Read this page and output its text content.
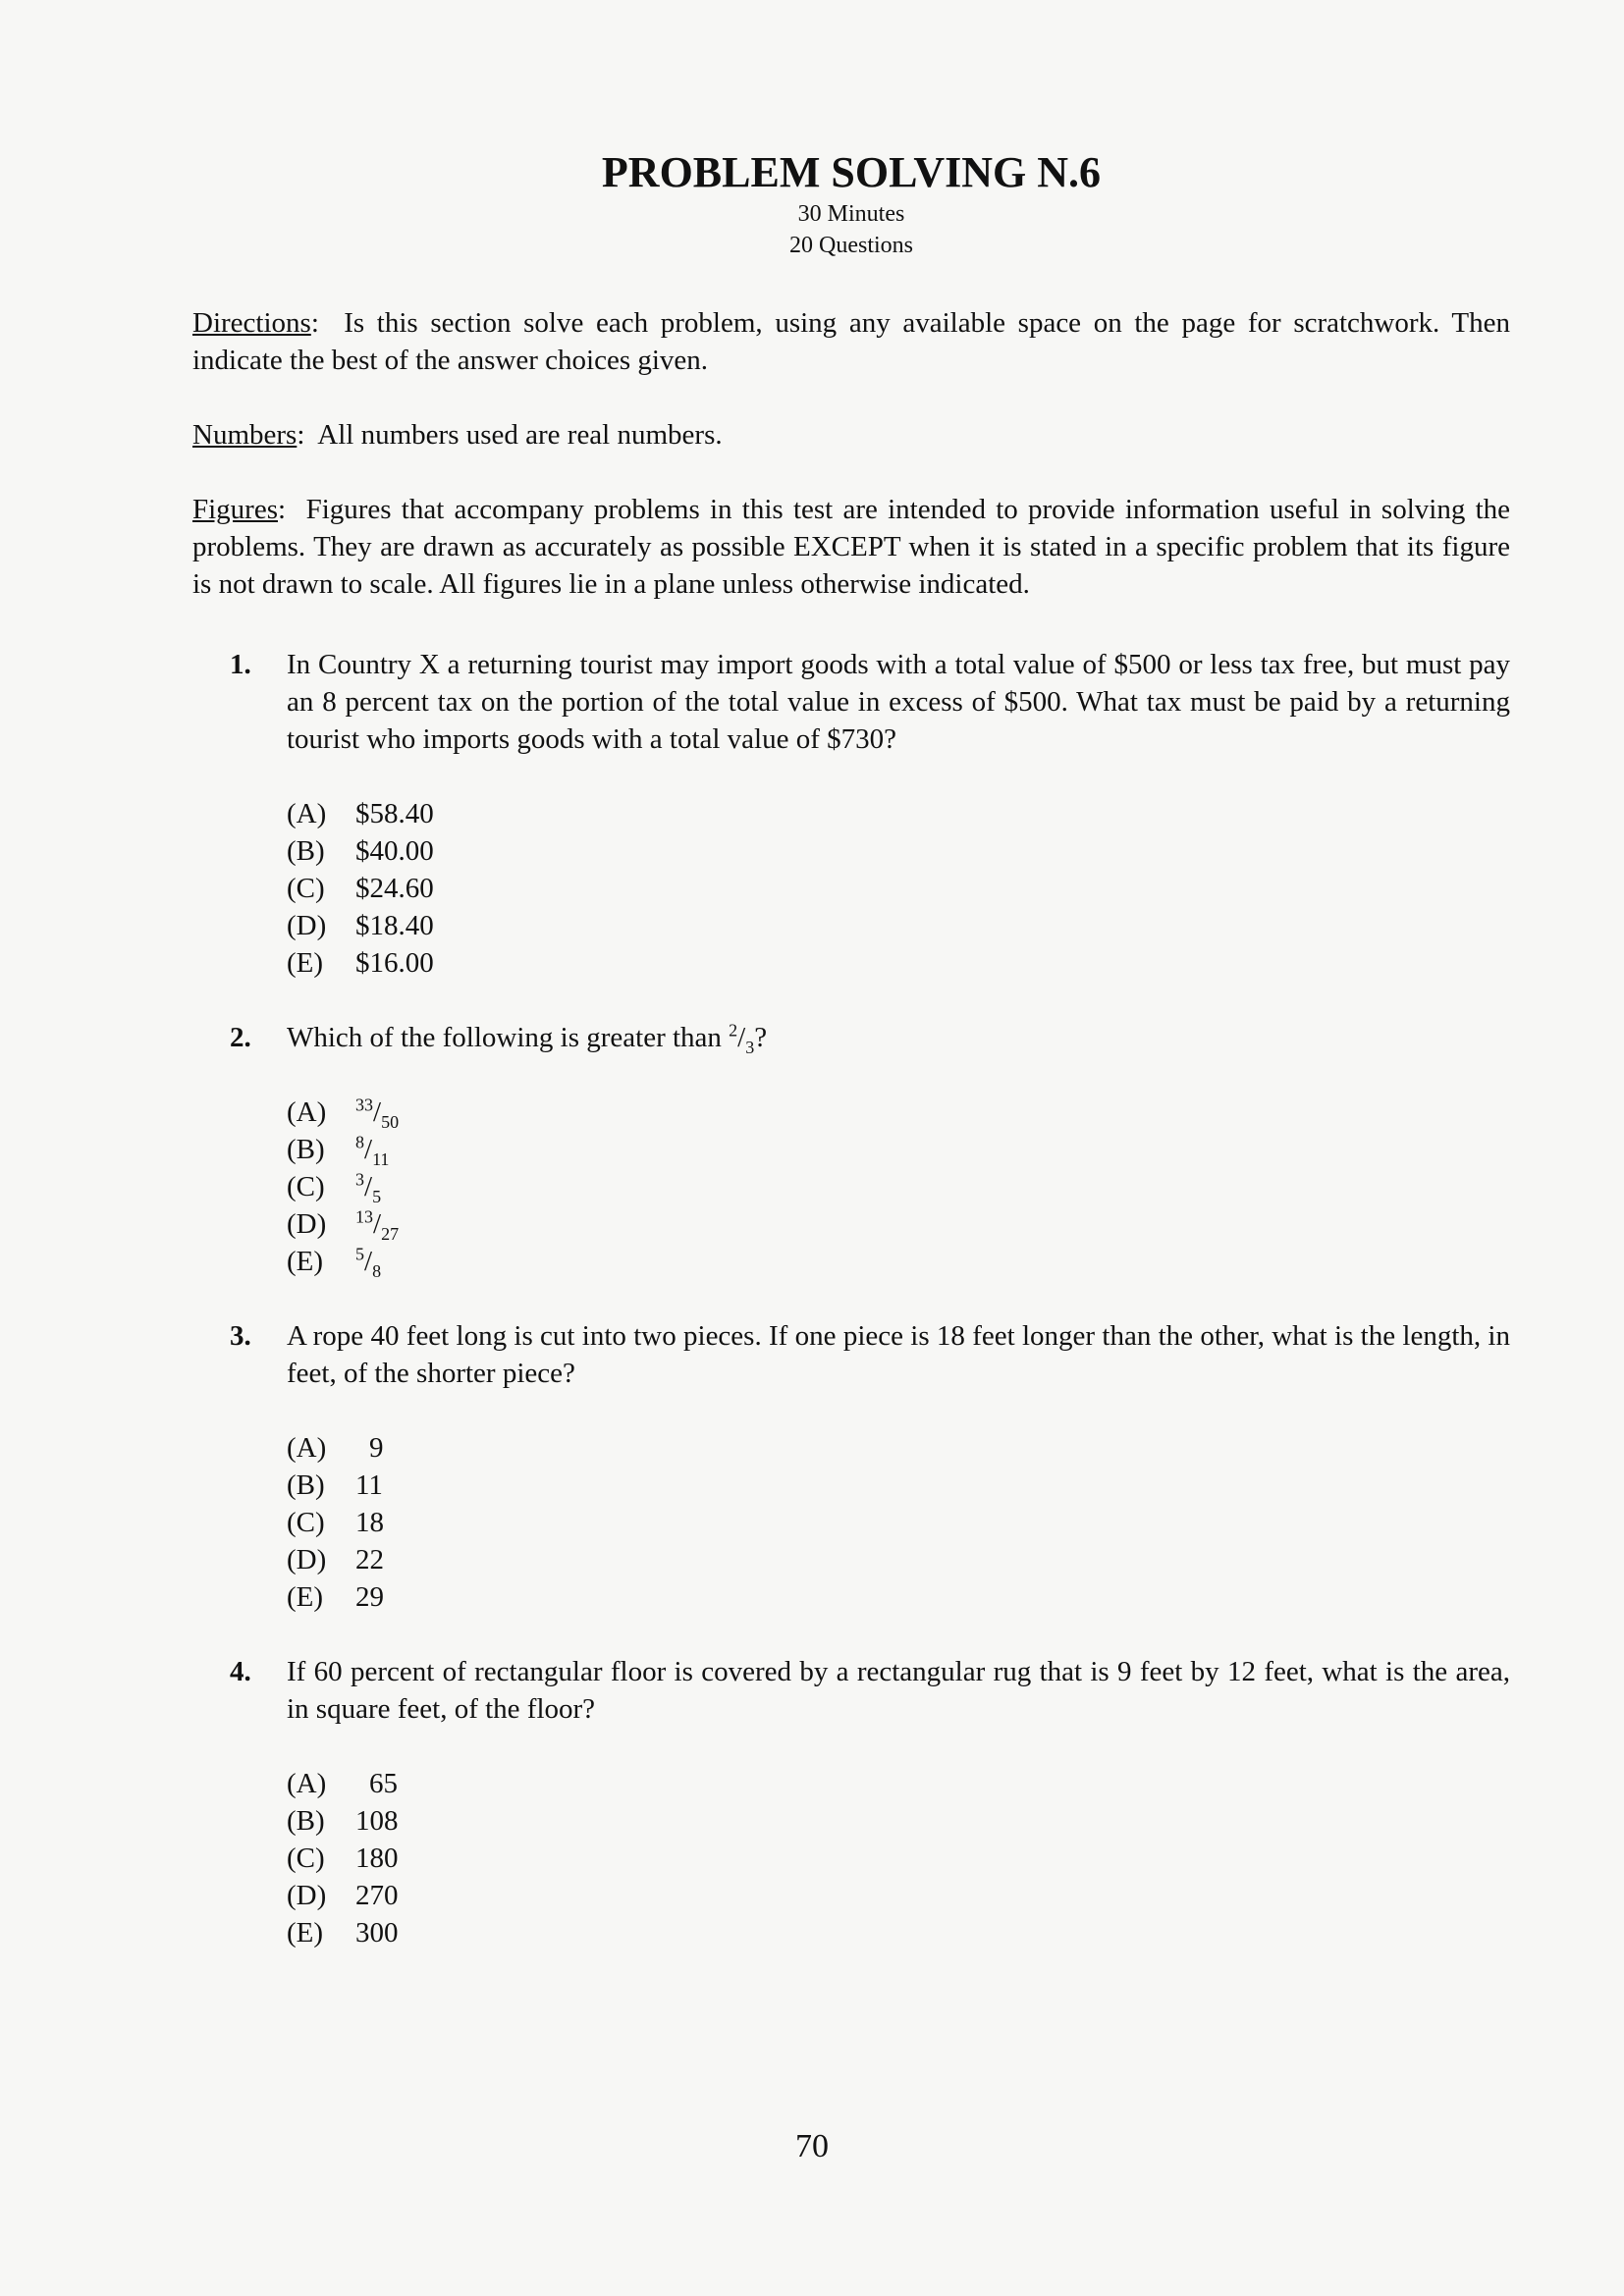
PROBLEM SOLVING N.6
30 Minutes
20 Questions

Directions:  Is this section solve each problem, using any available space on the page for scratchwork. Then indicate the best of the answer choices given.

Numbers:  All numbers used are real numbers.

Figures:  Figures that accompany problems in this test are intended to provide information useful in solving the problems. They are drawn as accurately as possible EXCEPT when it is stated in a specific problem that its figure is not drawn to scale. All figures lie in a plane unless otherwise indicated.

1. In Country X a returning tourist may import goods with a total value of $500 or less tax free, but must pay an 8 percent tax on the portion of the total value in excess of $500. What tax must be paid by a returning tourist who imports goods with a total value of $730?

(A)	$58.40
(B)	$40.00
(C)	$24.60
(D)	$18.40
(E)	$16.00
2. Which of the following is greater than $^2/_3$?

(A)	$^{33}/_{50}$
(B)	$^8/_{11}$
(C)	$^3/_5$
(D)	$^{13}/_{27}$
(E)	$^5/_8$
3. A rope 40 feet long is cut into two pieces. If one piece is 18 feet longer than the other, what is the length, in feet, of the shorter piece?

(A)	9
(B)	11
(C)	18
(D)	22
(E)	29
4. If 60 percent of rectangular floor is covered by a rectangular rug that is 9 feet by 12 feet, what is the area, in square feet, of the floor?

(A)	65
(B)	108
(C)	180
(D)	270
(E)	300
70
